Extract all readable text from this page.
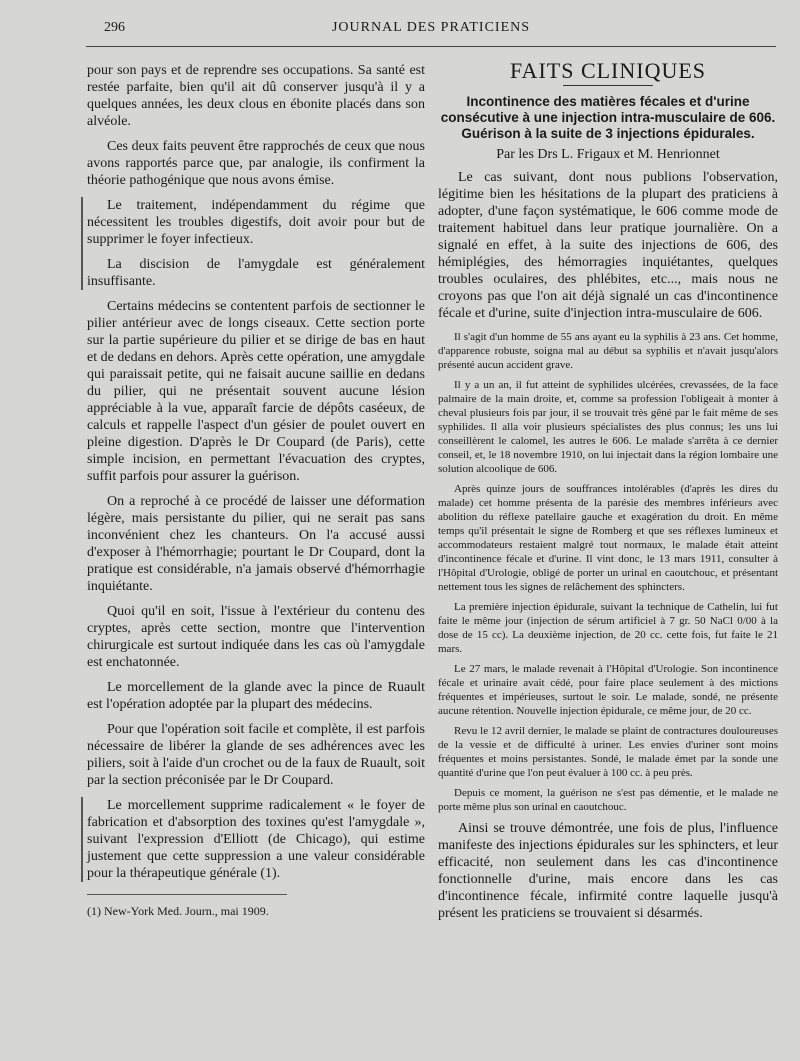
296	JOURNAL DES PRATICIENS

pour son pays et de reprendre ses occupations. Sa santé est restée parfaite, bien qu'il ait dû conserver jusqu'à il y a quelques années, les deux clous en ébonite placés dans son alvéole.

Ces deux faits peuvent être rapprochés de ceux que nous avons rapportés parce que, par analogie, ils confirment la théorie pathogénique que nous avons émise.

Le traitement, indépendamment du régime que nécessitent les troubles digestifs, doit avoir pour but de supprimer le foyer infectieux.

La discision de l'amygdale est généralement insuffisante.

Certains médecins se contentent parfois de sectionner le pilier antérieur avec de longs ciseaux. Cette section porte sur la partie supérieure du pilier et se dirige de bas en haut et de dedans en dehors. Après cette opération, une amygdale qui paraissait petite, qui ne faisait aucune saillie en dedans du pilier, qui ne présentait souvent aucune lésion appréciable à la vue, apparaît farcie de dépôts caséeux, de calculs et rappelle l'aspect d'un gésier de poulet ouvert en pleine digestion. D'après le Dr Coupard (de Paris), cette simple incision, en permettant l'évacuation des cryptes, suffit parfois pour assurer la guérison.

On a reproché à ce procédé de laisser une déformation légère, mais persistante du pilier, qui ne serait pas sans inconvénient chez les chanteurs. On l'a accusé aussi d'exposer à l'hémorrhagie; pourtant le Dr Coupard, dont la pratique est considérable, n'a jamais observé d'hémorrhagie inquiétante.

Quoi qu'il en soit, l'issue à l'extérieur du contenu des cryptes, après cette section, montre que l'intervention chirurgicale est surtout indiquée dans les cas où l'amygdale est enchatonnée.

Le morcellement de la glande avec la pince de Ruault est l'opération adoptée par la plupart des médecins.

Pour que l'opération soit facile et complète, il est parfois nécessaire de libérer la glande de ses adhérences avec les piliers, soit à l'aide d'un crochet ou de la faux de Ruault, soit par la section préconisée par le Dr Coupard.

Le morcellement supprime radicalement « le foyer de fabrication et d'absorption des toxines qu'est l'amygdale », suivant l'expression d'Elliott (de Chicago), qui estime justement que cette suppression a une valeur considérable pour la thérapeutique générale (1).

(1) New-York Med. Journ., mai 1909.
FAITS CLINIQUES
Incontinence des matières fécales et d'urine consécutive à une injection intra-musculaire de 606. Guérison à la suite de 3 injections épidurales.
Par les Drs L. Frigaux et M. Henrionnet

Le cas suivant, dont nous publions l'observation, légitime bien les hésitations de la plupart des praticiens à adopter, d'une façon systématique, le 606 comme mode de traitement habituel dans leur pratique journalière. On a signalé en effet, à la suite des injections de 606, des hémiplégies, des hémorragies inquiétantes, quelques troubles oculaires, des phlébites, etc..., mais nous ne croyons pas que l'on ait déjà signalé un cas d'incontinence fécale et d'urine, suite d'injection intra-musculaire de 606.

Il s'agit d'un homme de 55 ans ayant eu la syphilis à 23 ans. Cet homme, d'apparence robuste, soigna mal au début sa syphilis et n'avait jusqu'alors présenté aucun accident grave.

Il y a un an, il fut atteint de syphilides ulcérées, crevassées, de la face palmaire de la main droite, et, comme sa profession l'obligeait à monter à cheval plusieurs fois par jour, il se trouvait très gêné par le fait même de ses syphilides. Il alla voir plusieurs spécialistes des plus connus; les uns lui conseillèrent le calomel, les autres le 606. Le malade s'arrêta à ce dernier conseil, et, le 18 novembre 1910, on lui injectait dans la région lombaire une solution alcoolique de 606.

Après quinze jours de souffrances intolérables (d'après les dires du malade) cet homme présenta de la parésie des membres inférieurs avec abolition du réflexe patellaire gauche et exagération du droit. En même temps qu'il présentait le signe de Romberg et que ses réflexes lumineux et accommodateurs restaient malgré tout normaux, le malade était atteint d'incontinence fécale et d'urine. Il vint donc, le 13 mars 1911, consulter à l'Hôpital d'Urologie, obligé de porter un urinal en caoutchouc, et présentant nettement tous les signes de relâchement des sphincters.

La première injection épidurale, suivant la technique de Cathelin, lui fut faite le même jour (injection de sérum artificiel à 7 gr. 50 NaCl 0/00 à la dose de 15 cc). La deuxième injection, de 20 cc. cette fois, fut faite le 21 mars.

Le 27 mars, le malade revenait à l'Hôpital d'Urologie. Son incontinence fécale et urinaire avait cédé, pour faire place seulement à des mictions fréquentes et impérieuses, surtout le soir. Le malade, sondé, ne présente aucune rétention. Nouvelle injection épidurale, ce même jour, de 20 cc.

Revu le 12 avril dernier, le malade se plaint de contractures douloureuses de la vessie et de difficulté à uriner. Les envies d'uriner sont moins fréquentes et moins persistantes. Sondé, le malade émet par la sonde une quantité d'urine que l'on peut évaluer à 100 cc. à peu près.

Depuis ce moment, la guérison ne s'est pas démentie, et le malade ne porte même plus son urinal en caoutchouc.

Ainsi se trouve démontrée, une fois de plus, l'influence manifeste des injections épidurales sur les sphincters, et leur efficacité, non seulement dans les cas d'incontinence fonctionnelle d'urine, mais encore dans les cas d'incontinence fécale, infirmité contre laquelle jusqu'à présent les praticiens se trouvaient si désarmés.
